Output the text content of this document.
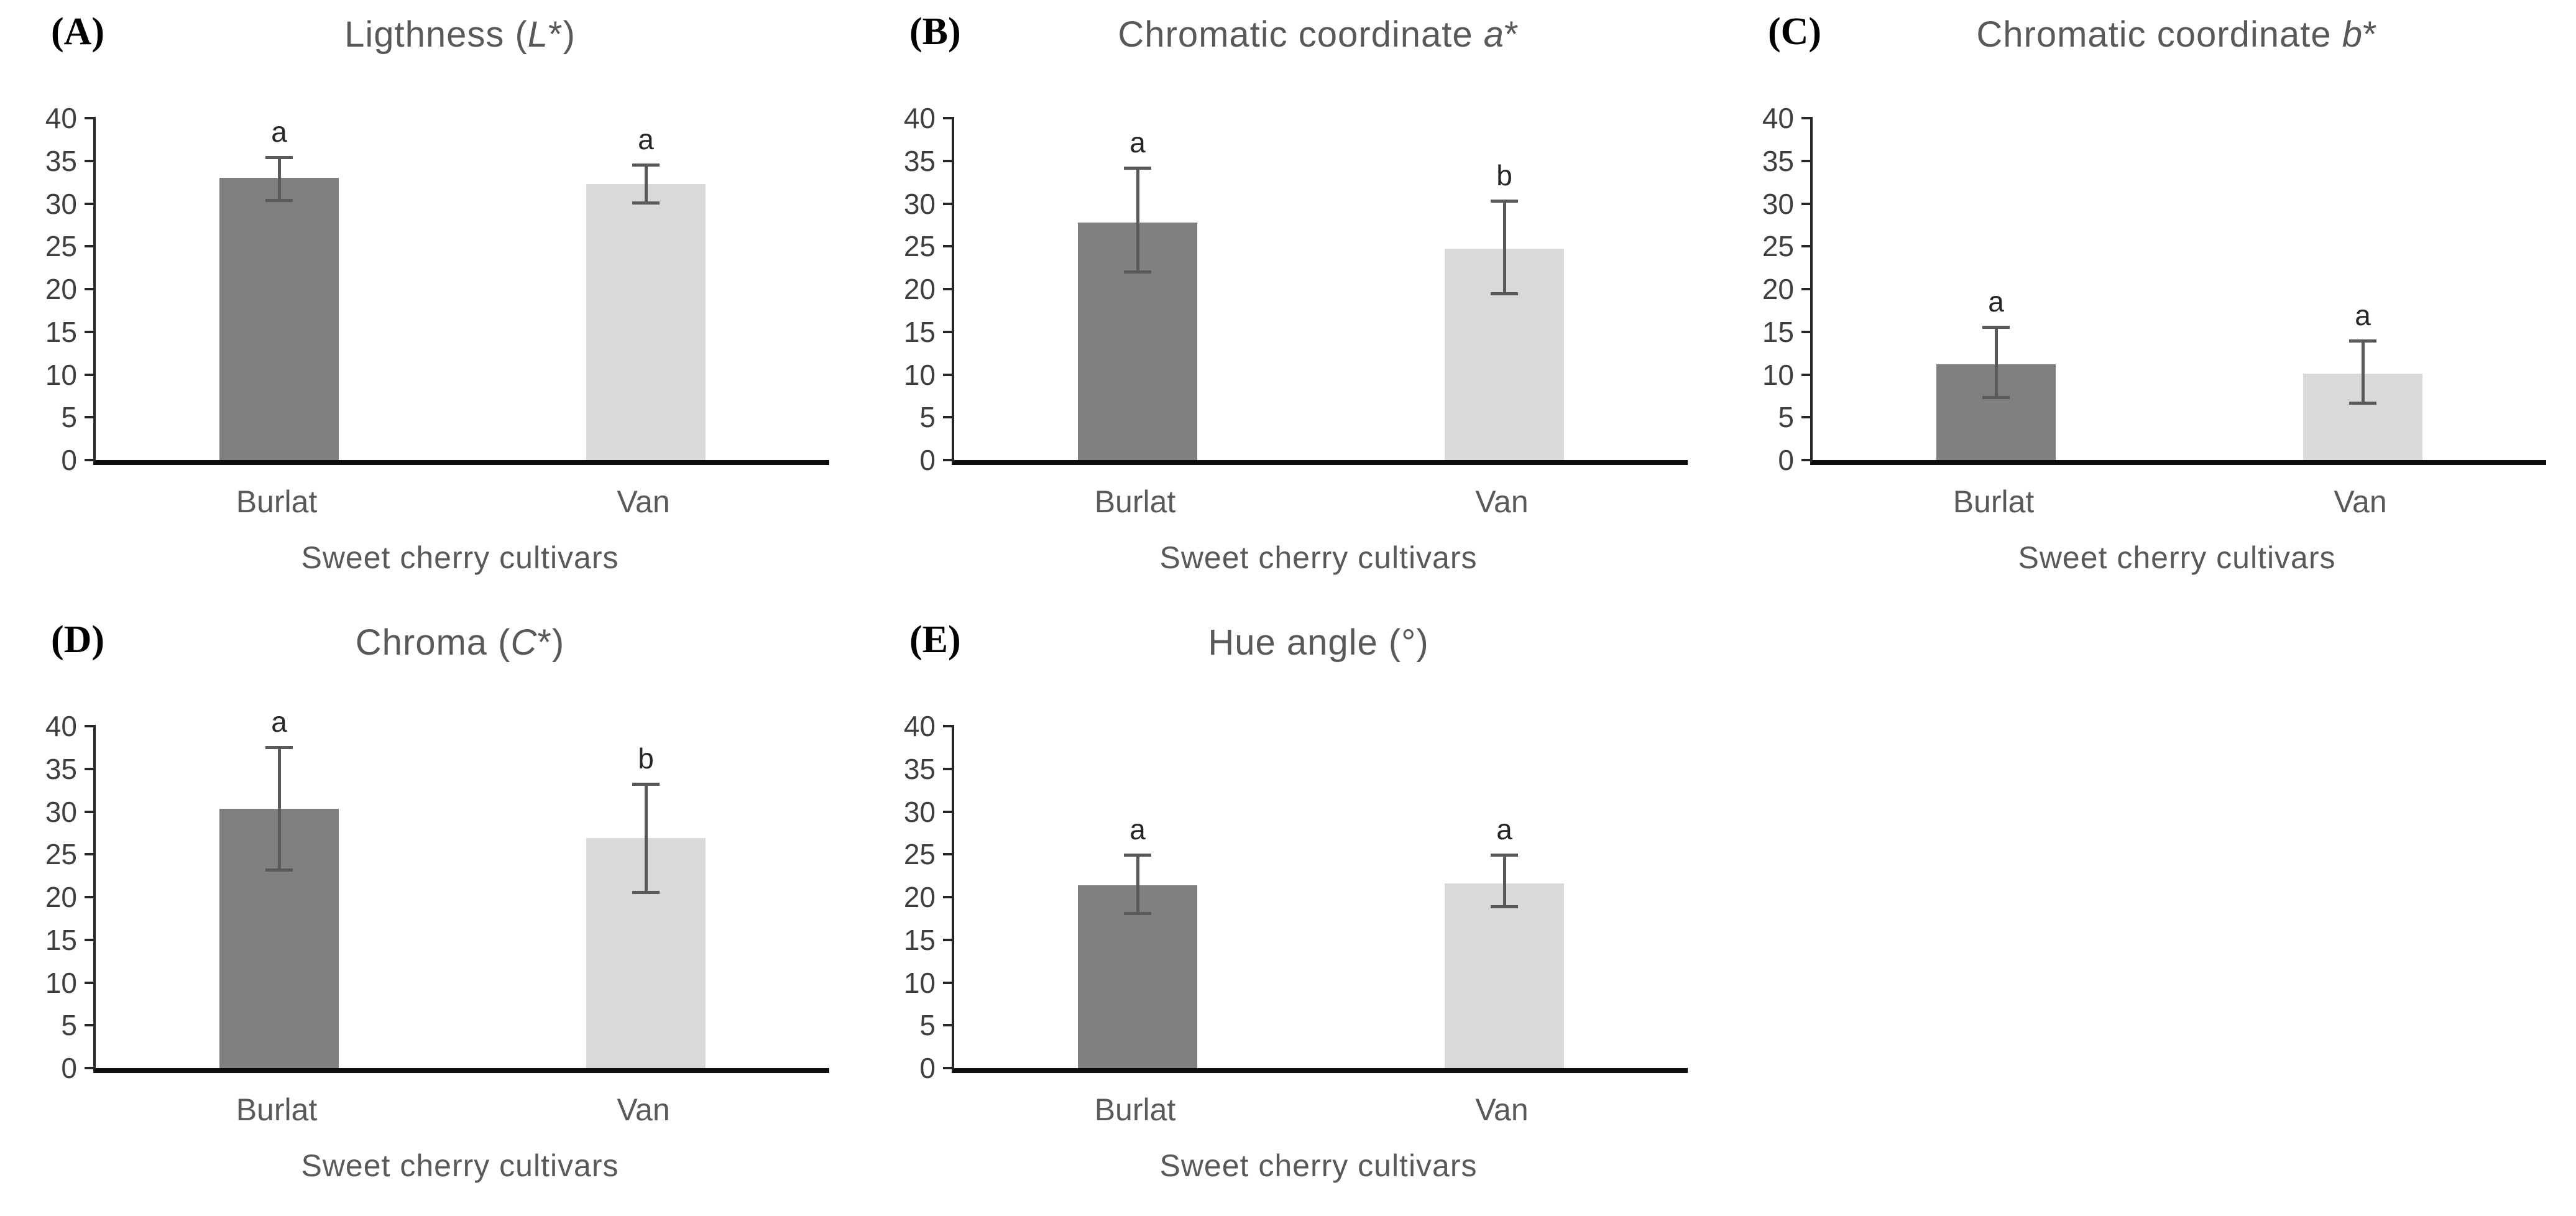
(A)	Ligthness (L*)
0
5
10
15
20
25
30
35
40	a	a
Burlat	Van
Sweet cherry cultivars
(B)	Chromatic coordinate a*
0
5
10
15
20
25
30
35
40
a
b
Burlat	Van
Sweet cherry cultivars
(C)	Chromatic coordinate b*
0
5
10
15
20
25
30
35
40
a	a
Burlat	Van
Sweet cherry cultivars
(D)	Chroma (C*)
0
5
10
15
20
25
30
35
40	a
b
Burlat	Van
Sweet cherry cultivars
(E)	Hue angle (°)
0
5
10
15
20
25
30
35
40
a	a
Burlat	Van
Sweet cherry cultivars
